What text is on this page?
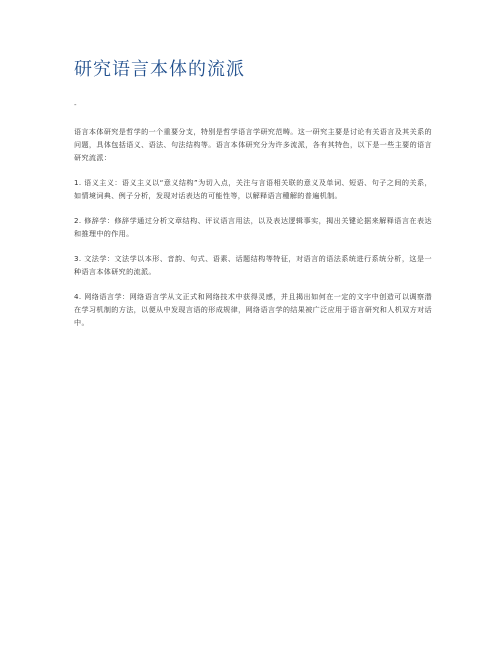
研究语言本体的流派
-

语言本体研究是哲学的一个重要分支，特别是哲学语言学研究范畴。这一研究主要是讨论有关语言及其关系的问题，具体包括语义、语法、句法结构等。语言本体研究分为许多流派，各有其特色，以下是一些主要的语言研究流派：

1. 语义主义：语义主义以“意义结构”为切入点，关注与言语相关联的意义及单词、短语、句子之间的关系，如情境词典、例子分析，发现对话表达的可能性等，以解释语言種解的普遍机制。

2. 修辞学：修辞学通过分析文章结构、评议语言用法，以及表达逻辑事实，揭出关键论据来解释语言在表达和推理中的作用。

3. 文法学：文法学以本形、音韵、句式、语素、话题结构等特征，对语言的语法系统进行系统分析，这是一种语言本体研究的流派。

4. 网络语言学：网络语言学从文正式和网络技术中获得灵感，并且揭出如何在一定的文字中创造可以调察潜在学习机制的方法，以便从中发现言语的形成规律，网络语言学的结果被广泛应用于语言研究和人机双方对话中。
